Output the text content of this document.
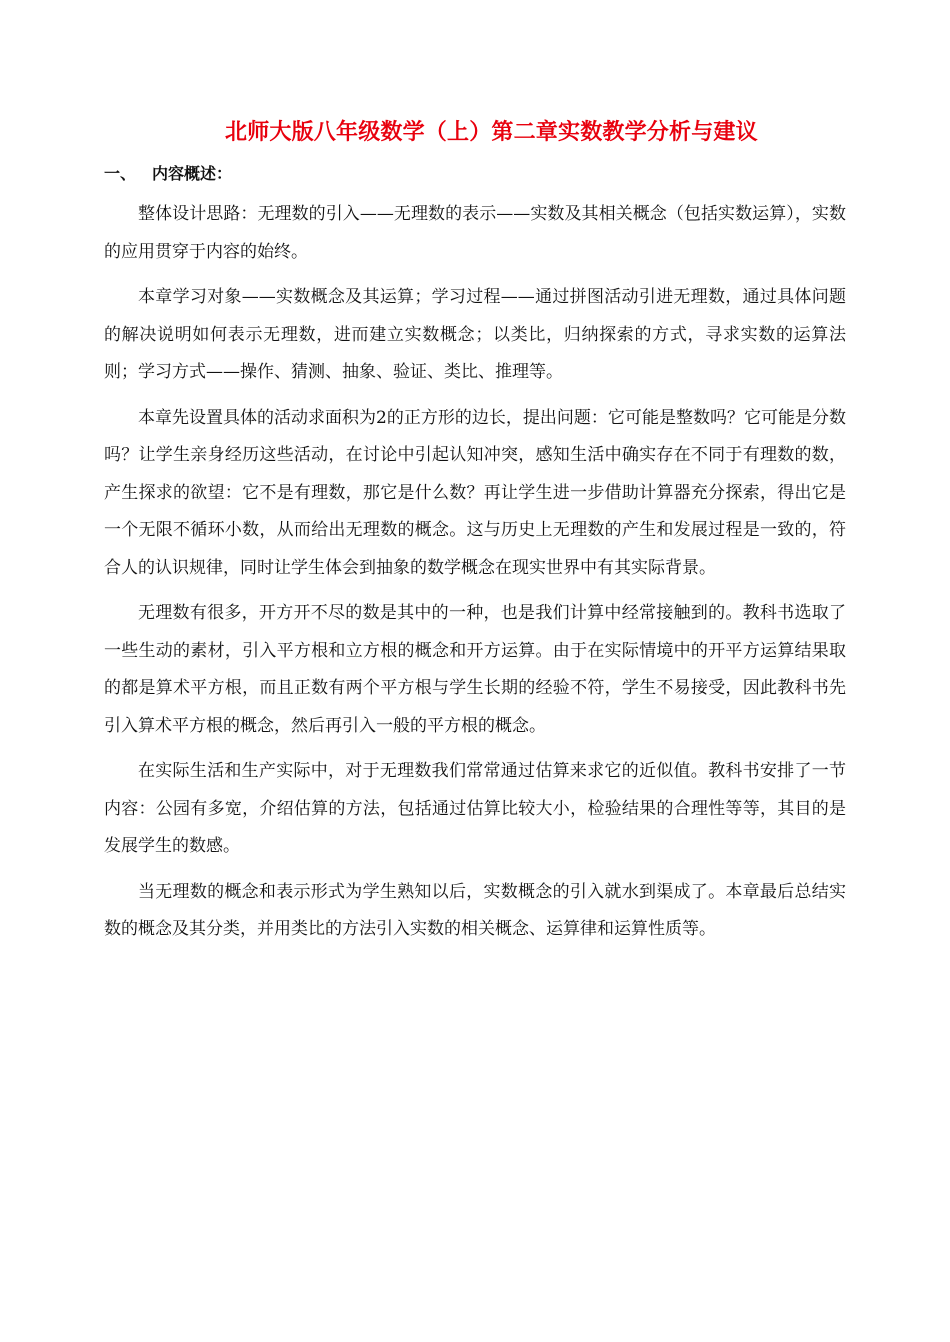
北师大版八年级数学（上）第二章实数教学分析与建议
一、 内容概述：

整体设计思路：无理数的引入——无理数的表示——实数及其相关概念（包括实数运算），实数的应用贯穿于内容的始终。

本章学习对象——实数概念及其运算；学习过程——通过拼图活动引进无理数，通过具体问题的解决说明如何表示无理数，进而建立实数概念；以类比，归纳探索的方式，寻求实数的运算法则；学习方式——操作、猜测、抽象、验证、类比、推理等。

本章先设置具体的活动求面积为2的正方形的边长，提出问题：它可能是整数吗？它可能是分数吗？让学生亲身经历这些活动，在讨论中引起认知冲突，感知生活中确实存在不同于有理数的数，产生探求的欲望：它不是有理数，那它是什么数？再让学生进一步借助计算器充分探索，得出它是一个无限不循环小数，从而给出无理数的概念。这与历史上无理数的产生和发展过程是一致的，符合人的认识规律，同时让学生体会到抽象的数学概念在现实世界中有其实际背景。

无理数有很多，开方开不尽的数是其中的一种，也是我们计算中经常接触到的。教科书选取了一些生动的素材，引入平方根和立方根的概念和开方运算。由于在实际情境中的开平方运算结果取的都是算术平方根，而且正数有两个平方根与学生长期的经验不符，学生不易接受，因此教科书先引入算术平方根的概念，然后再引入一般的平方根的概念。

在实际生活和生产实际中，对于无理数我们常常通过估算来求它的近似值。教科书安排了一节内容：公园有多宽，介绍估算的方法，包括通过估算比较大小，检验结果的合理性等等，其目的是发展学生的数感。

当无理数的概念和表示形式为学生熟知以后，实数概念的引入就水到渠成了。本章最后总结实数的概念及其分类，并用类比的方法引入实数的相关概念、运算律和运算性质等。
